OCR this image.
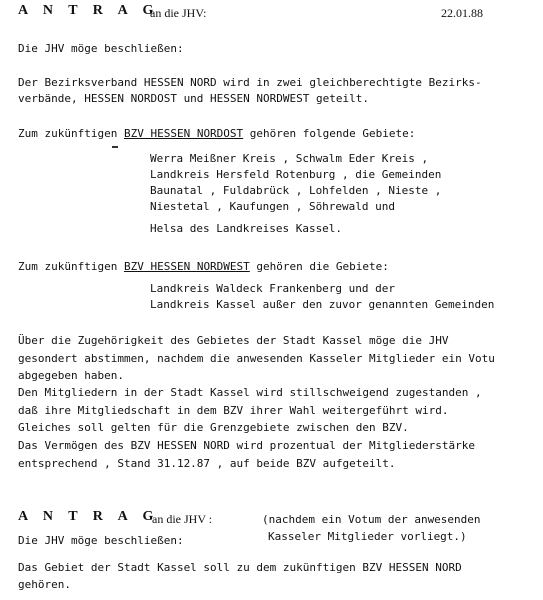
A N T R A G
an die JHV:	22.01.88
Die JHV möge beschließen:
Der Bezirksverband HESSEN NORD wird in zwei gleichberechtigte Bezirks-
verbände, HESSEN NORDOST und HESSEN NORDWEST geteilt.
Zum zukünftigen BZV HESSEN NORDOST gehören folgende Gebiete:
Werra Meißner Kreis , Schwalm Eder Kreis ,
Landkreis Hersfeld Rotenburg , die Gemeinden
Baunatal , Fuldabrück , Lohfelden , Nieste ,
Niestetal , Kaufungen , Söhrewald und
Helsa des Landkreises Kassel.
Zum zukünftigen BZV HESSEN NORDWEST gehören die Gebiete:
Landkreis Waldeck Frankenberg und der
Landkreis Kassel außer den zuvor genannten Gemeinden
Über die Zugehörigkeit des Gebietes der Stadt Kassel möge die JHV
gesondert abstimmen, nachdem die anwesenden Kasseler Mitglieder ein Votu
abgegeben haben.
Den Mitgliedern in der Stadt Kassel wird stillschweigend zugestanden ,
daß ihre Mitgliedschaft in dem BZV ihrer Wahl weitergeführt wird.
Gleiches soll gelten für die Grenzgebiete zwischen den BZV.
Das Vermögen des BZV HESSEN NORD wird prozentual der Mitgliederstärke
entsprechend , Stand 31.12.87 , auf beide BZV aufgeteilt.
A N T R A G
an die JHV :	(nachdem ein Votum der anwesenden
Kasseler Mitglieder vorliegt.)
Die JHV möge beschließen:
Das Gebiet der Stadt Kassel soll zu dem zukünftigen BZV HESSEN NORD
gehören.
